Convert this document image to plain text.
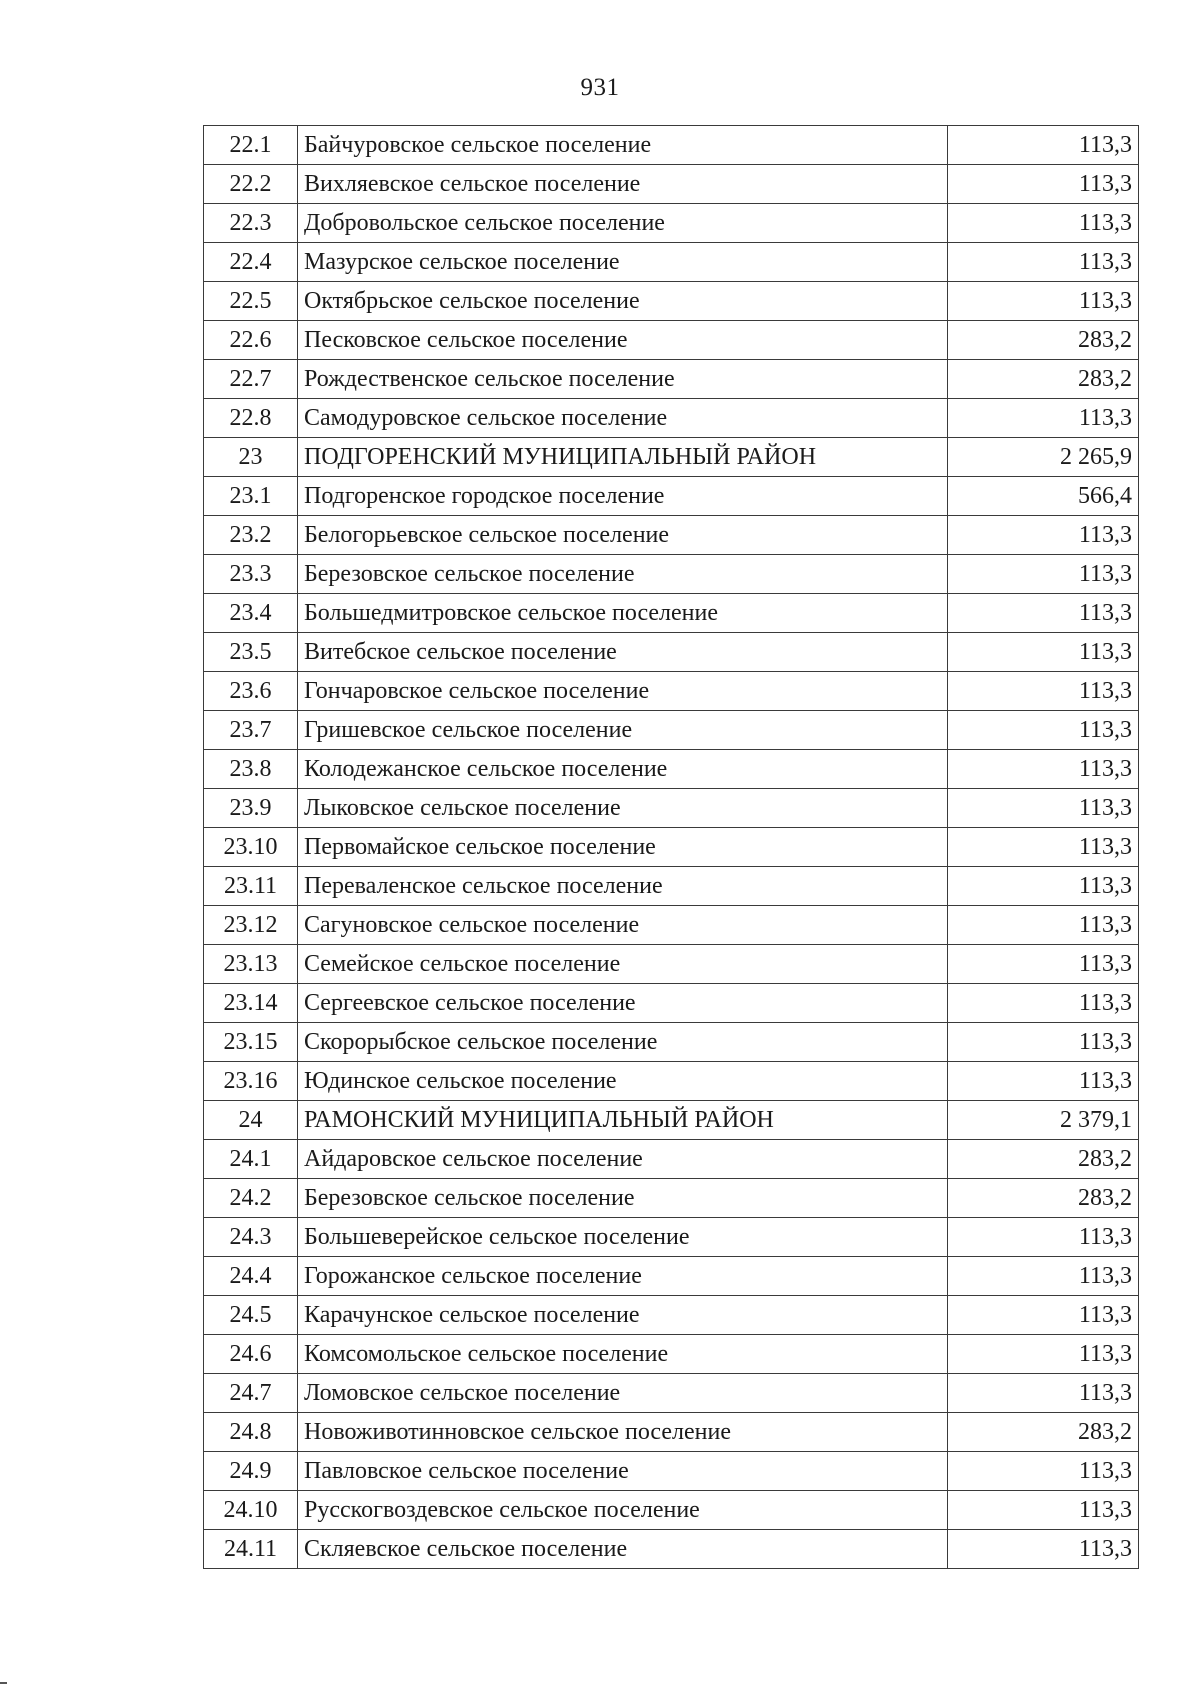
931
22.1	Байчуровское сельское поселение	113,3
22.2	Вихляевское сельское поселение	113,3
22.3	Добровольское сельское поселение	113,3
22.4	Мазурское сельское поселение	113,3
22.5	Октябрьское сельское поселение	113,3
22.6	Песковское сельское поселение	283,2
22.7	Рождественское сельское поселение	283,2
22.8	Самодуровское сельское поселение	113,3
23	ПОДГОРЕНСКИЙ МУНИЦИПАЛЬНЫЙ РАЙОН	2 265,9
23.1	Подгоренское городское поселение	566,4
23.2	Белогорьевское сельское поселение	113,3
23.3	Березовское сельское поселение	113,3
23.4	Большедмитровское сельское поселение	113,3
23.5	Витебское сельское поселение	113,3
23.6	Гончаровское сельское поселение	113,3
23.7	Гришевское сельское поселение	113,3
23.8	Колодежанское сельское поселение	113,3
23.9	Лыковское сельское поселение	113,3
23.10	Первомайское сельское поселение	113,3
23.11	Переваленское сельское поселение	113,3
23.12	Сагуновское сельское поселение	113,3
23.13	Семейское сельское поселение	113,3
23.14	Сергеевское сельское поселение	113,3
23.15	Скорорыбское сельское поселение	113,3
23.16	Юдинское сельское поселение	113,3
24	РАМОНСКИЙ МУНИЦИПАЛЬНЫЙ РАЙОН	2 379,1
24.1	Айдаровское сельское поселение	283,2
24.2	Березовское сельское поселение	283,2
24.3	Большеверейское сельское поселение	113,3
24.4	Горожанское сельское поселение	113,3
24.5	Карачунское сельское поселение	113,3
24.6	Комсомольское сельское поселение	113,3
24.7	Ломовское сельское поселение	113,3
24.8	Новоживотинновское сельское поселение	283,2
24.9	Павловское сельское поселение	113,3
24.10	Русскогвоздевское сельское поселение	113,3
24.11	Скляевское сельское поселение	113,3
